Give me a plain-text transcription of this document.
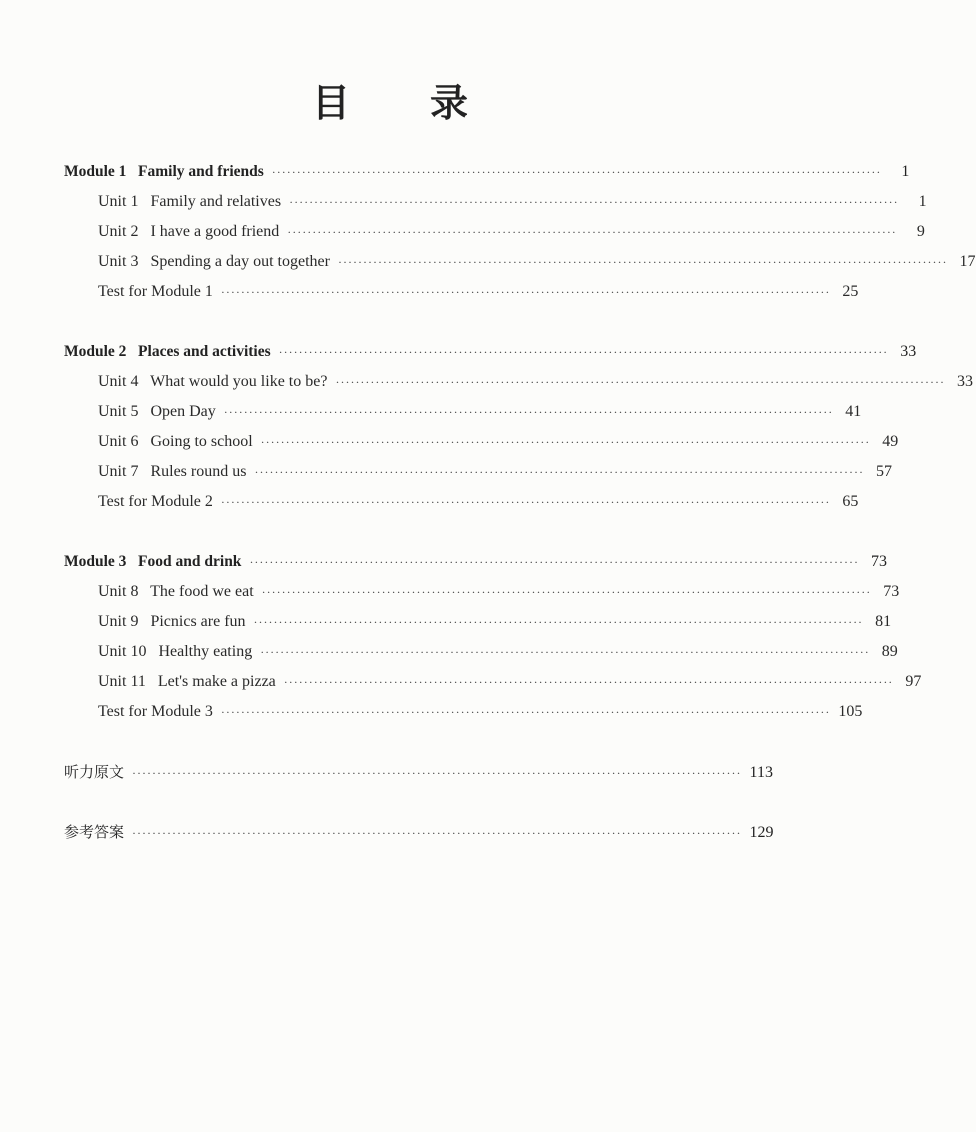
目 录
Module 1   Family and friends ··························································································································	1
Unit 1   Family and relatives ··························································································································	1
Unit 2   I have a good friend ··························································································································	9
Unit 3   Spending a day out together ·························································································································· 17
Test for Module 1 ·························································································································· 25
Module 2   Places and activities ·························································································································· 33
Unit 4   What would you like to be? ·························································································································· 33
Unit 5   Open Day ·························································································································· 41
Unit 6   Going to school ·························································································································· 49
Unit 7   Rules round us ·························································································································· 57
Test for Module 2 ·························································································································· 65
Module 3   Food and drink ·························································································································· 73
Unit 8   The food we eat ·························································································································· 73
Unit 9   Picnics are fun ·························································································································· 81
Unit 10   Healthy eating ·························································································································· 89
Unit 11   Let's make a pizza ·························································································································· 97
Test for Module 3 ·························································································································· 105
听力原文 ·························································································································· 113
参考答案 ·························································································································· 129
